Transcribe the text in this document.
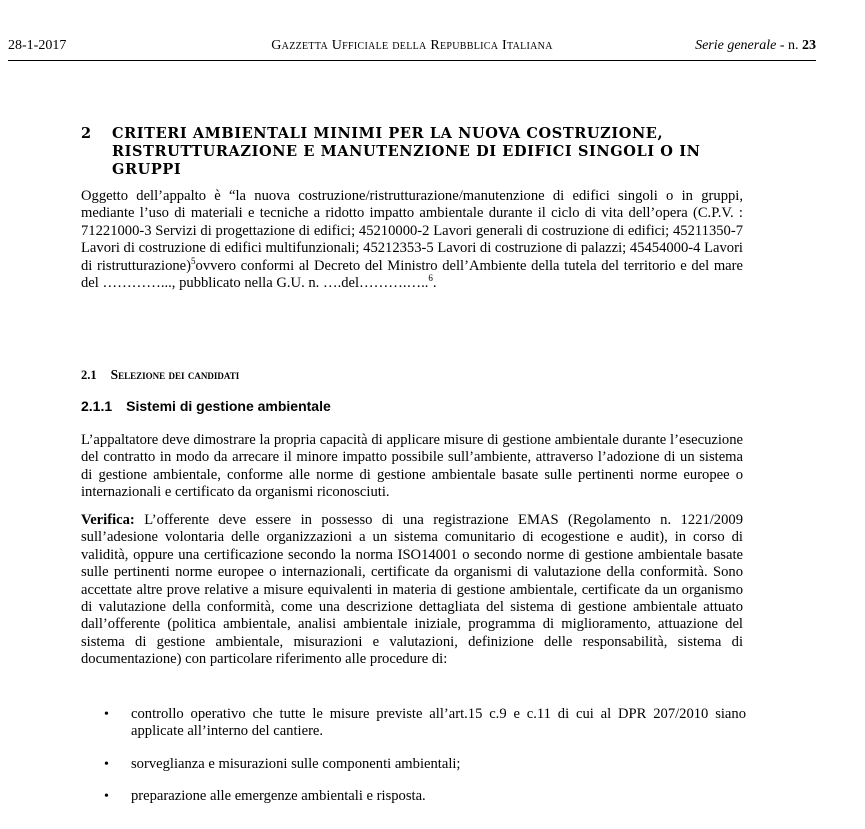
28-1-2017	Gazzetta Ufficiale della Repubblica Italiana	Serie generale - n. 23
2 CRITERI AMBIENTALI MINIMI PER LA NUOVA COSTRUZIONE, RISTRUTTURAZIONE E MANUTENZIONE DI EDIFICI SINGOLI O IN GRUPPI
Oggetto dell’appalto è “la nuova costruzione/ristrutturazione/manutenzione di edifici singoli o in gruppi, mediante l’uso di materiali e tecniche a ridotto impatto ambientale durante il ciclo di vita dell’opera (C.P.V. : 71221000-3 Servizi di progettazione di edifici; 45210000-2 Lavori generali di costruzione di edifici; 45211350-7 Lavori di costruzione di edifici multifunzionali; 45212353-5 Lavori di costruzione di palazzi; 45454000-4 Lavori di ristrutturazione)$^5$ovvero conformi al Decreto del Ministro dell’Ambiente della tutela del territorio e del mare del …………..., pubblicato nella G.U. n. ….del……….…..$^6$.
2.1 Selezione dei candidati
2.1.1 Sistemi di gestione ambientale
L’appaltatore deve dimostrare la propria capacità di applicare misure di gestione ambientale durante l’esecuzione del contratto in modo da arrecare il minore impatto possibile sull’ambiente, attraverso l’adozione di un sistema di gestione ambientale, conforme alle norme di gestione ambientale basate sulle pertinenti norme europee o internazionali e certificato da organismi riconosciuti.
Verifica: L’offerente deve essere in possesso di una registrazione EMAS (Regolamento n. 1221/2009 sull’adesione volontaria delle organizzazioni a un sistema comunitario di ecogestione e audit), in corso di validità, oppure una certificazione secondo la norma ISO14001 o secondo norme di gestione ambientale basate sulle pertinenti norme europee o internazionali, certificate da organismi di valutazione della conformità. Sono accettate altre prove relative a misure equivalenti in materia di gestione ambientale, certificate da un organismo di valutazione della conformità, come una descrizione dettagliata del sistema di gestione ambientale attuato dall’offerente (politica ambientale, analisi ambientale iniziale, programma di miglioramento, attuazione del sistema di gestione ambientale, misurazioni e valutazioni, definizione delle responsabilità, sistema di documentazione) con particolare riferimento alle procedure di:
• controllo operativo che tutte le misure previste all’art.15 c.9 e c.11 di cui al DPR 207/2010 siano applicate all’interno del cantiere.
• sorveglianza e misurazioni sulle componenti ambientali;
• preparazione alle emergenze ambientali e risposta.
